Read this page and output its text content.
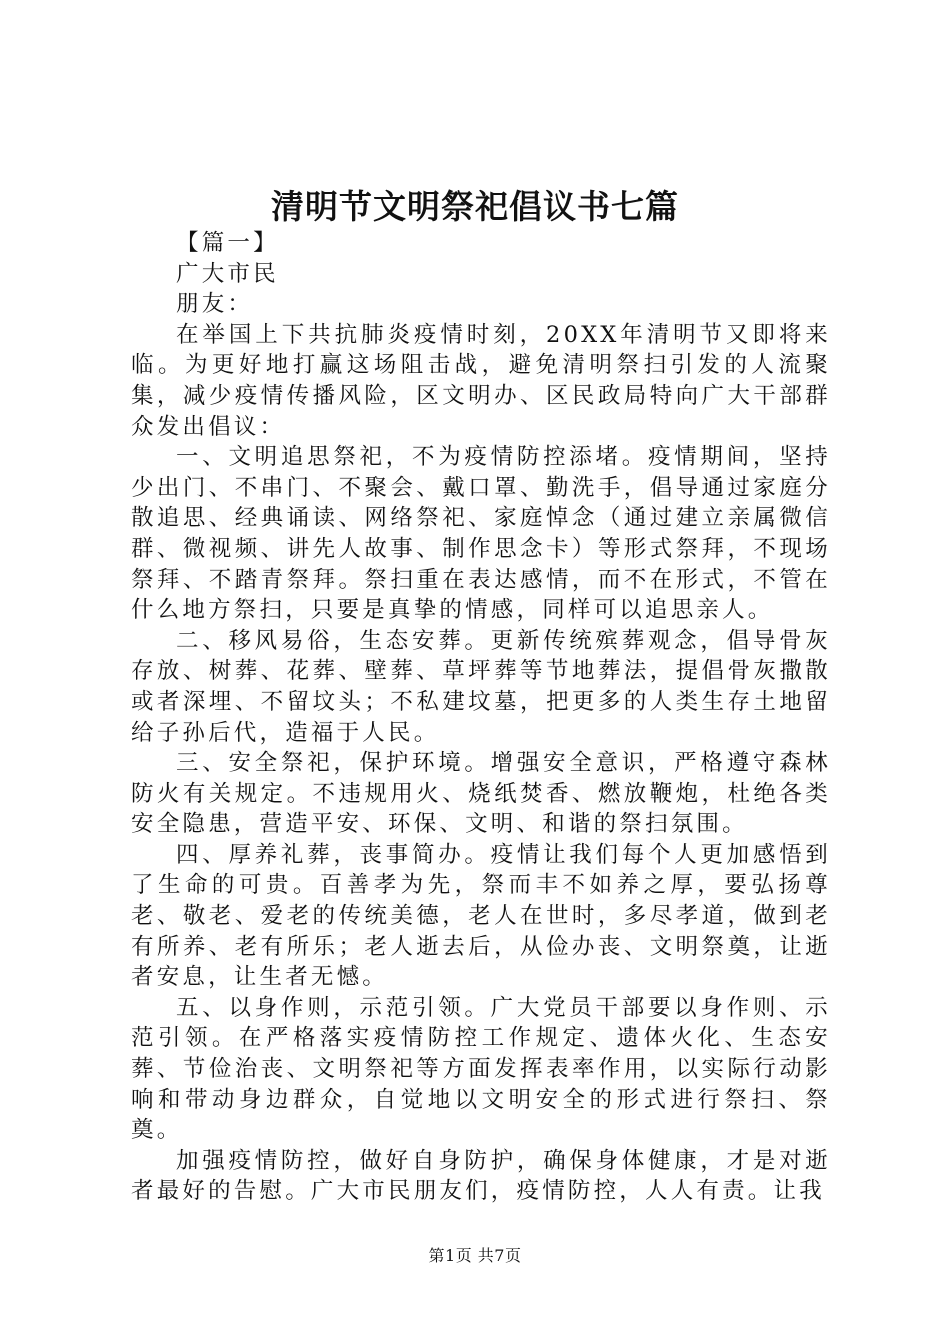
清明节文明祭祀倡议书七篇

【篇一】

广大市民

朋友：

在举国上下共抗肺炎疫情时刻，20XX年清明节又即将来临。为更好地打赢这场阻击战，避免清明祭扫引发的人流聚集，减少疫情传播风险，区文明办、区民政局特向广大干部群众发出倡议：

一、文明追思祭祀，不为疫情防控添堵。疫情期间，坚持少出门、不串门、不聚会、戴口罩、勤洗手，倡导通过家庭分散追思、经典诵读、网络祭祀、家庭悼念（通过建立亲属微信群、微视频、讲先人故事、制作思念卡）等形式祭拜，不现场祭拜、不踏青祭拜。祭扫重在表达感情，而不在形式，不管在什么地方祭扫，只要是真挚的情感，同样可以追思亲人。

二、移风易俗，生态安葬。更新传统殡葬观念，倡导骨灰存放、树葬、花葬、壁葬、草坪葬等节地葬法，提倡骨灰撒散或者深埋、不留坟头；不私建坟墓，把更多的人类生存土地留给子孙后代，造福于人民。

三、安全祭祀，保护环境。增强安全意识，严格遵守森林防火有关规定。不违规用火、烧纸焚香、燃放鞭炮，杜绝各类安全隐患，营造平安、环保、文明、和谐的祭扫氛围。

四、厚养礼葬，丧事简办。疫情让我们每个人更加感悟到了生命的可贵。百善孝为先，祭而丰不如养之厚，要弘扬尊老、敬老、爱老的传统美德，老人在世时，多尽孝道，做到老有所养、老有所乐；老人逝去后，从俭办丧、文明祭奠，让逝者安息，让生者无憾。

五、以身作则，示范引领。广大党员干部要以身作则、示范引领。在严格落实疫情防控工作规定、遗体火化、生态安葬、节俭治丧、文明祭祀等方面发挥表率作用，以实际行动影响和带动身边群众，自觉地以文明安全的形式进行祭扫、祭奠。

加强疫情防控，做好自身防护，确保身体健康，才是对逝者最好的告慰。广大市民朋友们，疫情防控，人人有责。让我

第1页 共7页
